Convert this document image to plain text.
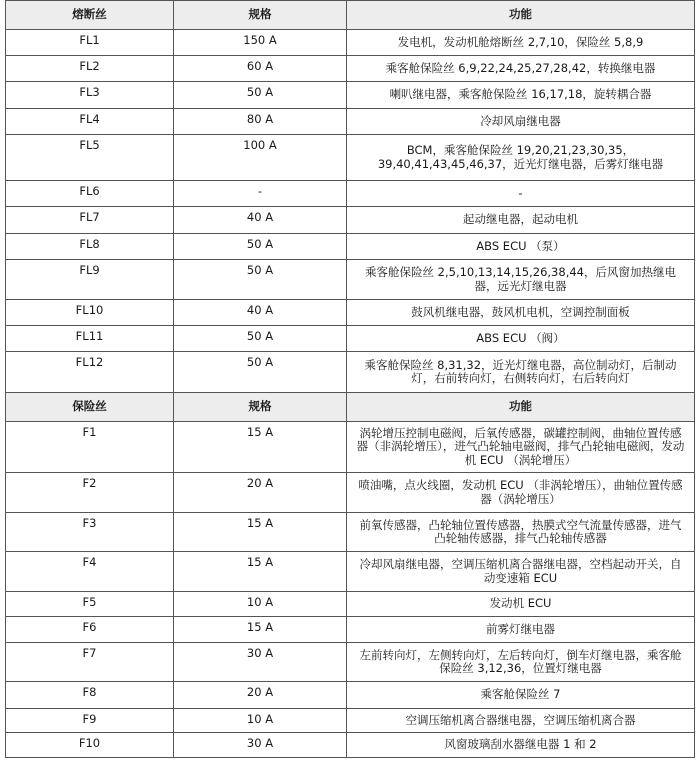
熔断丝	规格	功能
FL1	150 A	发电机，发动机舱熔断丝 2,7,10，保险丝 5,8,9
FL2	60 A	乘客舱保险丝 6,9,22,24,25,27,28,42，转换继电器
FL3	50 A	喇叭继电器，乘客舱保险丝 16,17,18，旋转耦合器
FL4	80 A	冷却风扇继电器
FL5	100 A	BCM，乘客舱保险丝 19,20,21,23,30,35，39,40,41,43,45,46,37，近光灯继电器，后雾灯继电器
FL6	-	-
FL7	40 A	起动继电器，起动电机
FL8	50 A	ABS ECU （泵）
FL9	50 A	乘客舱保险丝 2,5,10,13,14,15,26,38,44，后风窗加热继电器，远光灯继电器
FL10	40 A	鼓风机继电器，鼓风机电机，空调控制面板
FL11	50 A	ABS ECU （阀）
FL12	50 A	乘客舱保险丝 8,31,32，近光灯继电器，高位制动灯，后制动灯，右前转向灯，右侧转向灯，右后转向灯
保险丝	规格	功能
F1	15 A	涡轮增压控制电磁阀，后氧传感器，碳罐控制阀，曲轴位置传感器（非涡轮增压），进气凸轮轴电磁阀，排气凸轮轴电磁阀，发动机 ECU （涡轮增压）
F2	20 A	喷油嘴，点火线圈，发动机 ECU （非涡轮增压），曲轴位置传感器（涡轮增压）
F3	15 A	前氧传感器，凸轮轴位置传感器，热膜式空气流量传感器，进气凸轮轴传感器，排气凸轮轴传感器
F4	15 A	冷却风扇继电器，空调压缩机离合器继电器，空档起动开关，自动变速箱 ECU
F5	10 A	发动机 ECU
F6	15 A	前雾灯继电器
F7	30 A	左前转向灯，左侧转向灯，左后转向灯，倒车灯继电器，乘客舱保险丝 3,12,36，位置灯继电器
F8	20 A	乘客舱保险丝 7
F9	10 A	空调压缩机离合器继电器，空调压缩机离合器
F10	30 A	风窗玻璃刮水器继电器 1 和 2
